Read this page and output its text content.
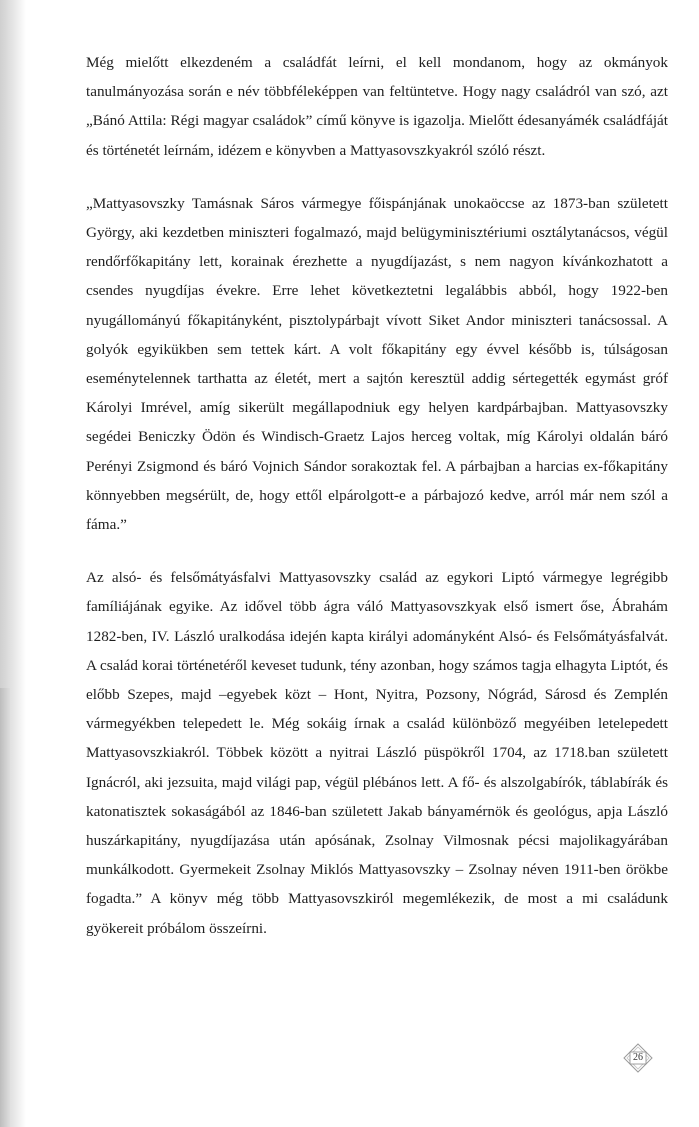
Még mielőtt elkezdeném a családfát leírni, el kell mondanom, hogy az okmányok tanulmányozása során e név többféleképpen van feltüntetve. Hogy nagy családról van szó, azt „Bánó Attila: Régi magyar családok” című könyve is igazolja. Mielőtt édesanyámék családfáját és történetét leírnám, idézem e könyvben a Mattyasovszkyakról szóló részt.

„Mattyasovszky Tamásnak Sáros vármegye főispánjának unokaöccse az 1873-ban született György, aki kezdetben miniszteri fogalmazó, majd belügyminisztériumi osztálytanácsos, végül rendőrfőkapitány lett, korainak érezhette a nyugdíjazást, s nem nagyon kívánkozhatott a csendes nyugdíjas évekre. Erre lehet következtetni legalábbis abból, hogy 1922-ben nyugállományú főkapitányként, pisztolypárbajt vívott Siket Andor miniszteri tanácsossal. A golyók egyikükben sem tettek kárt. A volt főkapitány egy évvel később is, túlságosan eseménytelennek tarthatta az életét, mert a sajtón keresztül addig sértegették egymást gróf Károlyi Imrével, amíg sikerült megállapodniuk egy helyen kardpárbajban. Mattyasovszky segédei Beniczky Ödön és Windisch-Graetz Lajos herceg voltak, míg Károlyi oldalán báró Perényi Zsigmond és báró Vojnich Sándor sorakoztak fel. A párbajban a harcias ex-főkapitány könnyebben megsérült, de, hogy ettől elpárolgott-e a párbajozó kedve, arról már nem szól a fáma.”

Az alsó- és felsőmátyásfalvi Mattyasovszky család az egykori Liptó vármegye legrégibb famíliájának egyike. Az idővel több ágra váló Mattyasovszkyak első ismert őse, Ábrahám 1282-ben, IV. László uralkodása idején kapta királyi adományként Alsó- és Felsőmátyásfalvát. A család korai történetéről keveset tudunk, tény azonban, hogy számos tagja elhagyta Liptót, és előbb Szepes, majd –egyebek közt – Hont, Nyitra, Pozsony, Nógrád, Sárosd és Zemplén vármegyékben telepedett le. Még sokáig írnak a család különböző megyéiben letelepedett Mattyasovszkiakról. Többek között a nyitrai László püspökről 1704, az 1718.ban született Ignácról, aki jezsuita, majd világi pap, végül plébános lett. A fő- és alszolgabírók, táblabírák és katonatisztek sokaságából az 1846-ban született Jakab bányamérnök és geológus, apja László huszárkapitány, nyugdíjazása után apósának, Zsolnay Vilmosnak pécsi majolikagyárában munkálkodott. Gyermekeit Zsolnay Miklós Mattyasovszky – Zsolnay néven 1911-ben örökbe fogadta.” A könyv még több Mattyasovszkiról megemlékezik, de most a mi családunk gyökereit próbálom összeírni.

26
